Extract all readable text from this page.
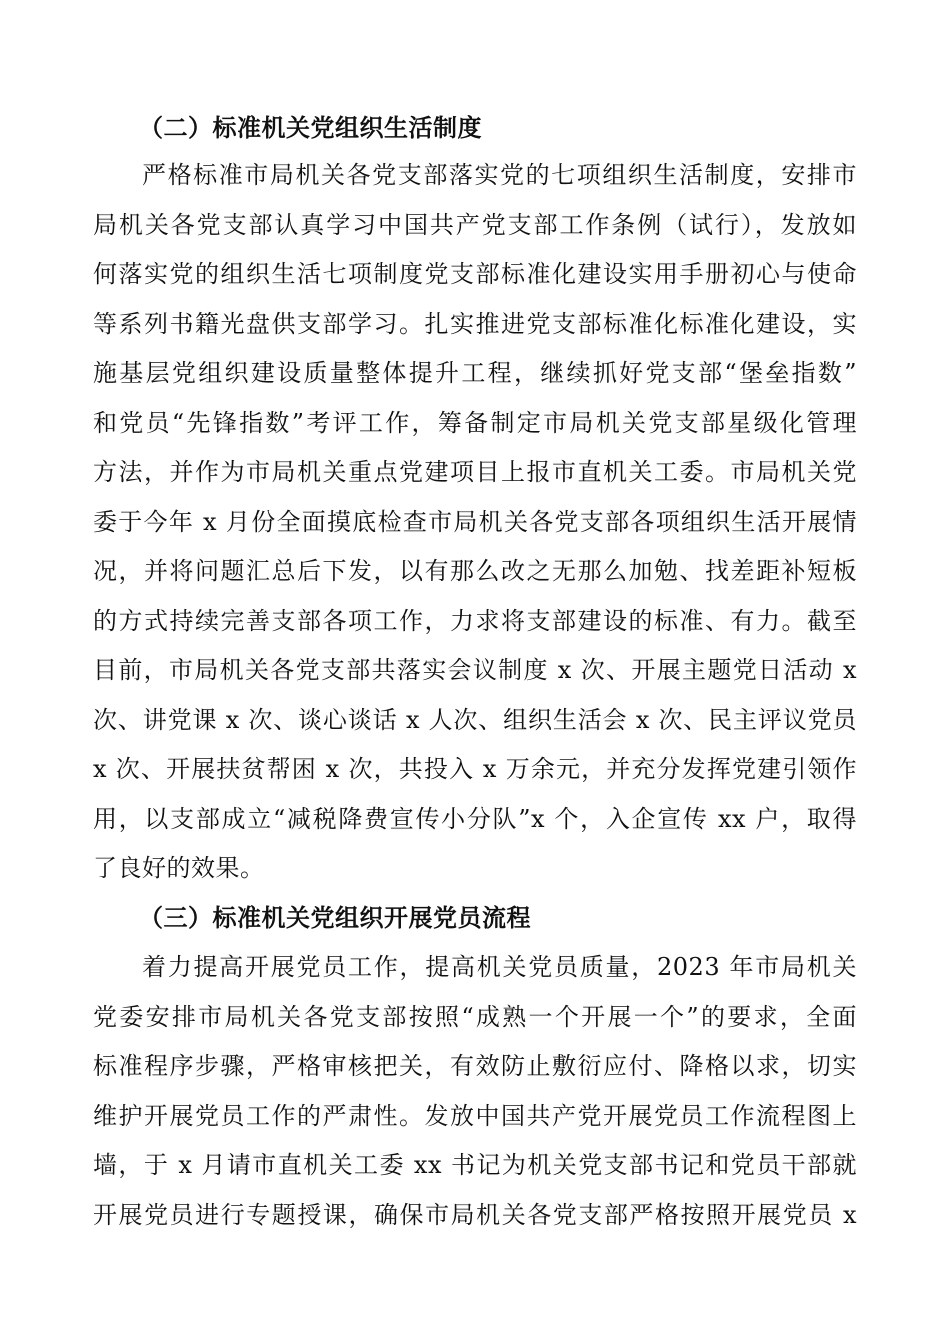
（二）标准机关党组织生活制度
严格标准市局机关各党支部落实党的七项组织生活制度，安排市
局机关各党支部认真学习中国共产党支部工作条例（试行），发放如
何落实党的组织生活七项制度党支部标准化建设实用手册初心与使命
等系列书籍光盘供支部学习。扎实推进党支部标准化标准化建设，实
施基层党组织建设质量整体提升工程，继续抓好党支部“堡垒指数”
和党员“先锋指数”考评工作，筹备制定市局机关党支部星级化管理
方法，并作为市局机关重点党建项目上报市直机关工委。市局机关党
委于今年 x 月份全面摸底检查市局机关各党支部各项组织生活开展情
况，并将问题汇总后下发，以有那么改之无那么加勉、找差距补短板
的方式持续完善支部各项工作，力求将支部建设的标准、有力。截至
目前，市局机关各党支部共落实会议制度 x 次、开展主题党日活动 x
次、讲党课 x 次、谈心谈话 x 人次、组织生活会 x 次、民主评议党员
x 次、开展扶贫帮困 x 次，共投入 x 万余元，并充分发挥党建引领作
用，以支部成立“减税降费宣传小分队”x 个，入企宣传 xx 户，取得
了良好的效果。
（三）标准机关党组织开展党员流程
着力提高开展党员工作，提高机关党员质量，2023 年市局机关
党委安排市局机关各党支部按照“成熟一个开展一个”的要求，全面
标准程序步骤，严格审核把关，有效防止敷衍应付、降格以求，切实
维护开展党员工作的严肃性。发放中国共产党开展党员工作流程图上
墙，于 x 月请市直机关工委 xx 书记为机关党支部书记和党员干部就
开展党员进行专题授课，确保市局机关各党支部严格按照开展党员 x
